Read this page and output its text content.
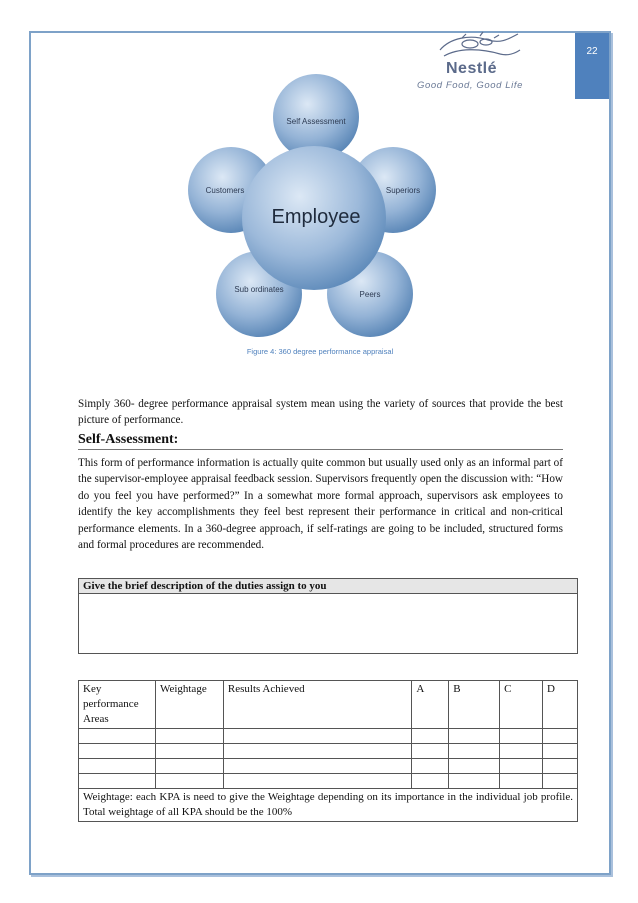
22
Nestlé
Good Food, Good Life
Self Assessment
Superiors
Peers
Sub ordinates
Customers
Employee
Figure 4: 360 degree performance appraisal
Simply 360- degree performance appraisal system mean using the variety of sources that provide the best picture of performance.
Self-Assessment:
This form of performance information is actually quite common but usually used only as an informal part of the supervisor-employee appraisal feedback session. Supervisors frequently open the discussion with: “How do you feel you have performed?” In a somewhat more formal approach, supervisors ask employees to identify the key accomplishments they feel best represent their performance in critical and non-critical performance elements. In a 360-degree approach, if self-ratings are going to be included, structured forms and formal procedures are recommended.
Give the brief description of the duties assign to you
Key performance Areas	Weightage	Results Achieved	A	B	C	D

Weightage: each KPA is need to give the Weightage depending on its importance in the individual job profile. Total weightage of all KPA should be the 100%						
